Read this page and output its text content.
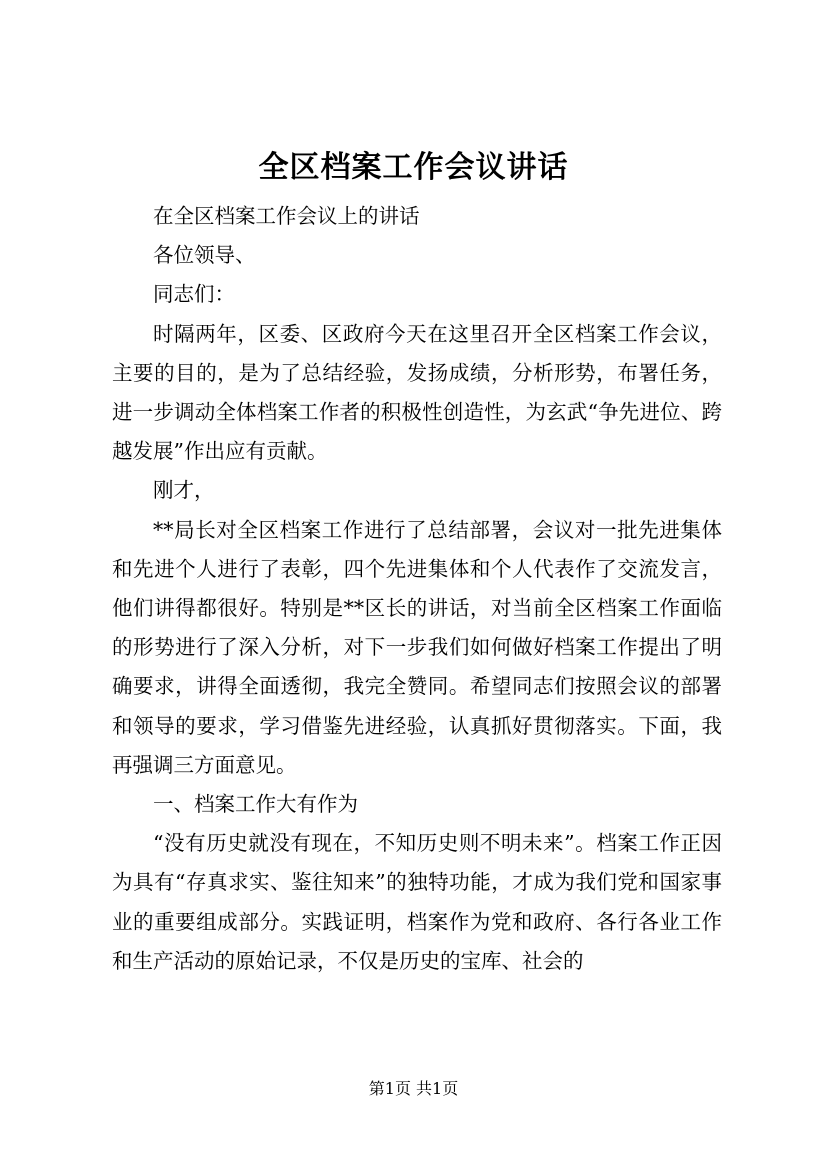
全区档案工作会议讲话

在全区档案工作会议上的讲话

各位领导、

同志们：

时隔两年，区委、区政府今天在这里召开全区档案工作会议，主要的目的，是为了总结经验，发扬成绩，分析形势，布署任务，进一步调动全体档案工作者的积极性创造性，为玄武“争先进位、跨越发展”作出应有贡献。

刚才，

**局长对全区档案工作进行了总结部署，会议对一批先进集体和先进个人进行了表彰，四个先进集体和个人代表作了交流发言，他们讲得都很好。特别是**区长的讲话，对当前全区档案工作面临的形势进行了深入分析，对下一步我们如何做好档案工作提出了明确要求，讲得全面透彻，我完全赞同。希望同志们按照会议的部署和领导的要求，学习借鉴先进经验，认真抓好贯彻落实。下面，我再强调三方面意见。

一、档案工作大有作为

“没有历史就没有现在，不知历史则不明未来”。档案工作正因为具有“存真求实、鉴往知来”的独特功能，才成为我们党和国家事业的重要组成部分。实践证明，档案作为党和政府、各行各业工作和生产活动的原始记录，不仅是历史的宝库、社会的

第1页 共1页
